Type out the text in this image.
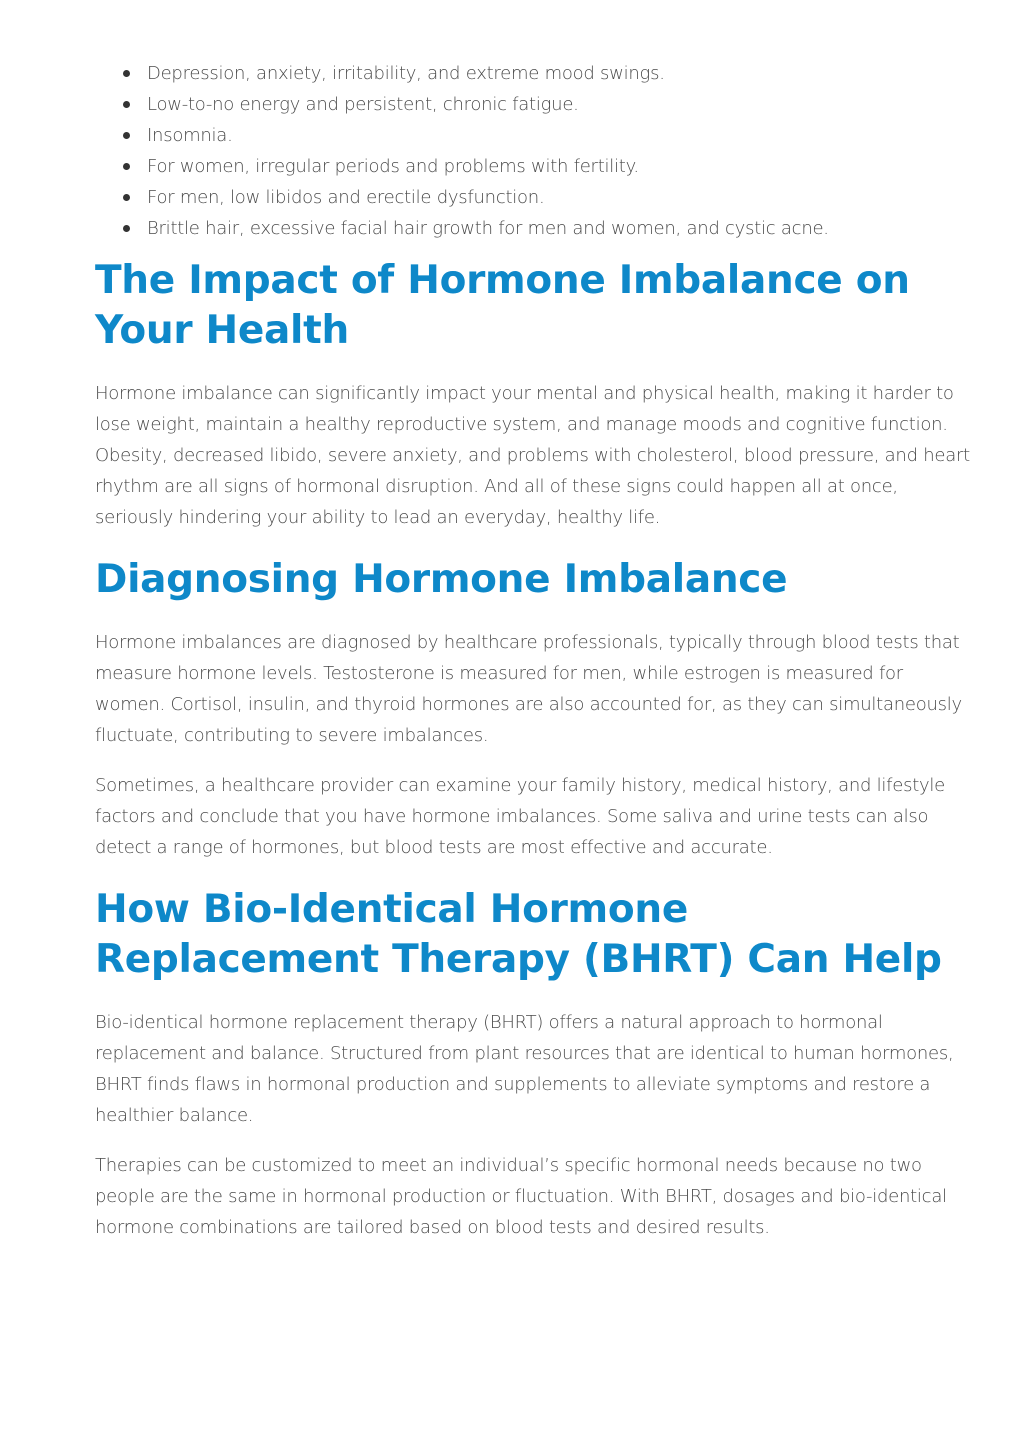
Depression, anxiety, irritability, and extreme mood swings.
Low-to-no energy and persistent, chronic fatigue.
Insomnia.
For women, irregular periods and problems with fertility.
For men, low libidos and erectile dysfunction.
Brittle hair, excessive facial hair growth for men and women, and cystic acne.
The Impact of Hormone Imbalance on Your Health

Hormone imbalance can significantly impact your mental and physical health, making it harder to lose weight, maintain a healthy reproductive system, and manage moods and cognitive function. Obesity, decreased libido, severe anxiety, and problems with cholesterol, blood pressure, and heart rhythm are all signs of hormonal disruption. And all of these signs could happen all at once, seriously hindering your ability to lead an everyday, healthy life.

Diagnosing Hormone Imbalance

Hormone imbalances are diagnosed by healthcare professionals, typically through blood tests that measure hormone levels. Testosterone is measured for men, while estrogen is measured for women. Cortisol, insulin, and thyroid hormones are also accounted for, as they can simultaneously fluctuate, contributing to severe imbalances.

Sometimes, a healthcare provider can examine your family history, medical history, and lifestyle factors and conclude that you have hormone imbalances. Some saliva and urine tests can also detect a range of hormones, but blood tests are most effective and accurate.

How Bio-Identical Hormone Replacement Therapy (BHRT) Can Help

Bio-identical hormone replacement therapy (BHRT) offers a natural approach to hormonal replacement and balance. Structured from plant resources that are identical to human hormones, BHRT finds flaws in hormonal production and supplements to alleviate symptoms and restore a healthier balance.

Therapies can be customized to meet an individual’s specific hormonal needs because no two people are the same in hormonal production or fluctuation. With BHRT, dosages and bio-identical hormone combinations are tailored based on blood tests and desired results.
